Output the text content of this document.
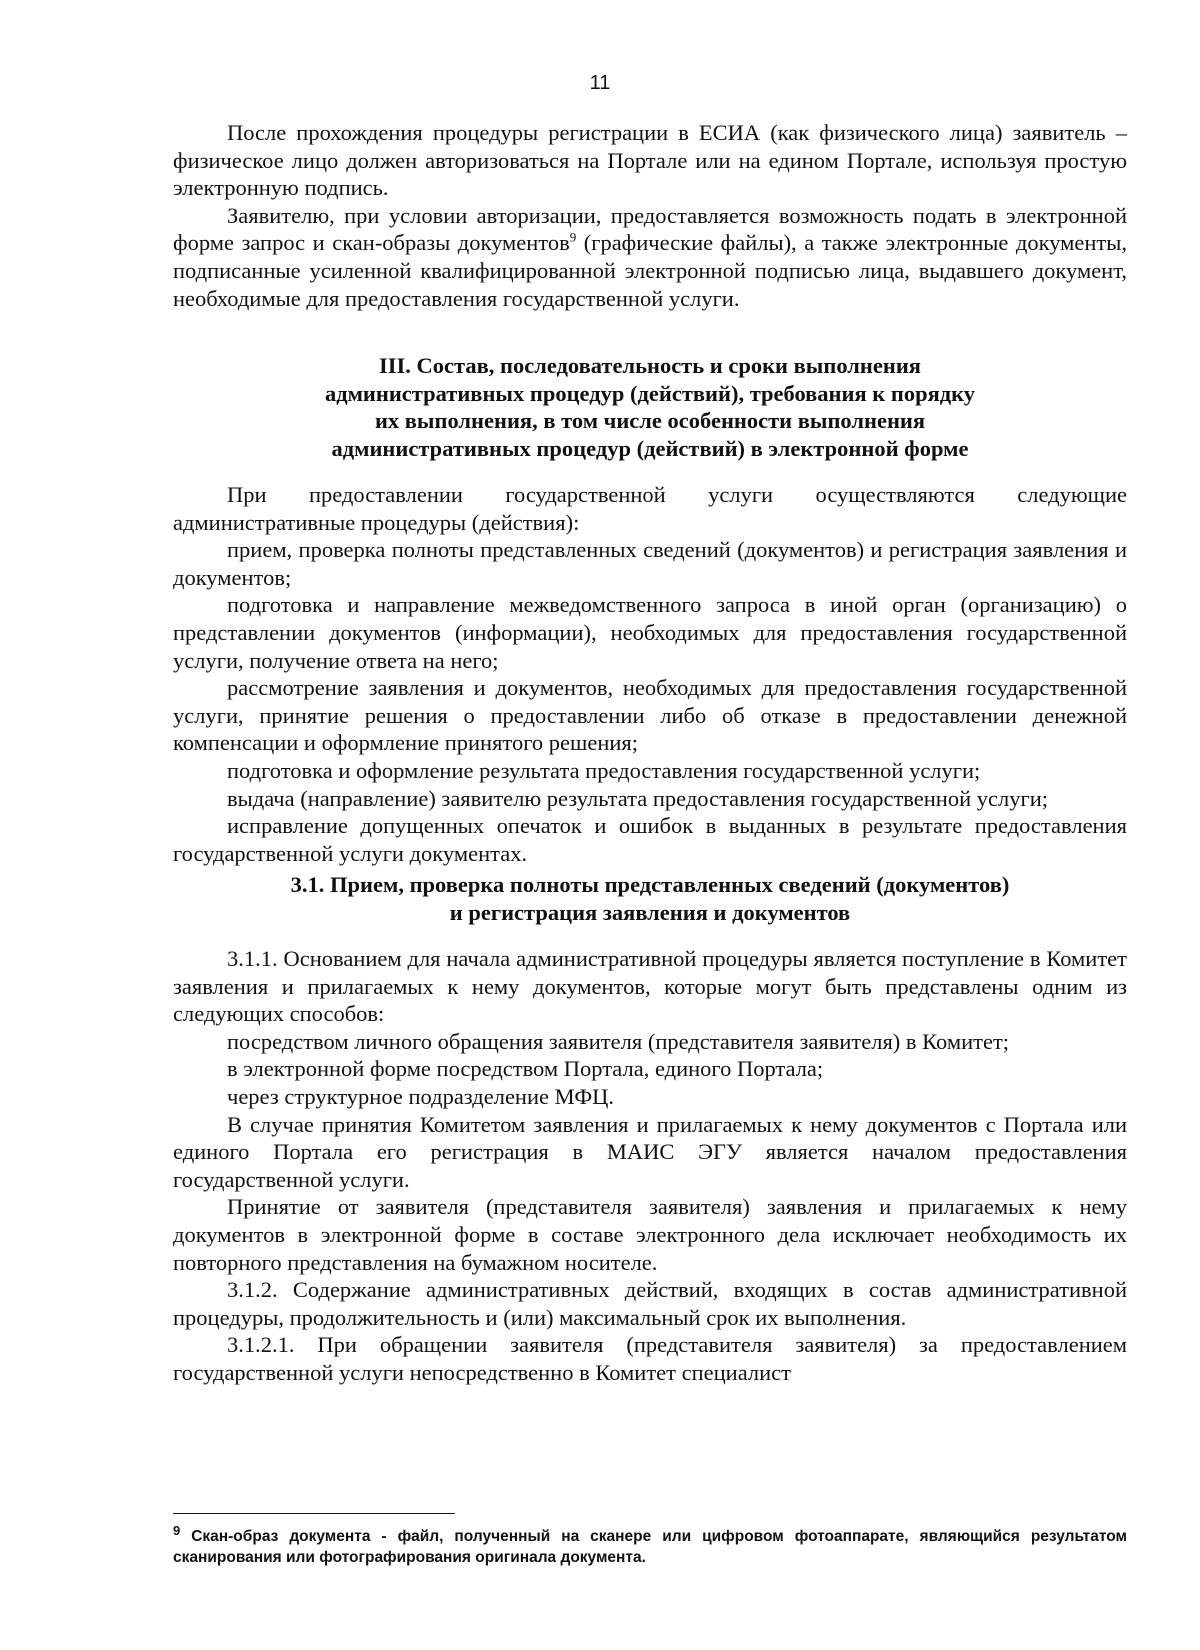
11

После прохождения процедуры регистрации в ЕСИА (как физического лица) заявитель – физическое лицо должен авторизоваться на Портале или на едином Портале, используя простую электронную подпись.

Заявителю, при условии авторизации, предоставляется возможность подать в электронной форме запрос и скан-образы документов$^9$ (графические файлы), а также электронные документы, подписанные усиленной квалифицированной электронной подписью лица, выдавшего документ, необходимые для предоставления государственной услуги.

III. Состав, последовательность и сроки выполнения
административных процедур (действий), требования к порядку
их выполнения, в том числе особенности выполнения
административных процедур (действий) в электронной форме

При предоставлении государственной услуги осуществляются следующие административные процедуры (действия):

прием, проверка полноты представленных сведений (документов) и регистрация заявления и документов;

подготовка и направление межведомственного запроса в иной орган (организацию) о представлении документов (информации), необходимых для предоставления государственной услуги, получение ответа на него;

рассмотрение заявления и документов, необходимых для предоставления государственной услуги, принятие решения о предоставлении либо об отказе в предоставлении денежной компенсации и оформление принятого решения;

подготовка и оформление результата предоставления государственной услуги;

выдача (направление) заявителю результата предоставления государственной услуги;

исправление допущенных опечаток и ошибок в выданных в результате предоставления государственной услуги документах.

3.1. Прием, проверка полноты представленных сведений (документов)
и регистрация заявления и документов

3.1.1. Основанием для начала административной процедуры является поступление в Комитет заявления и прилагаемых к нему документов, которые могут быть представлены одним из следующих способов:

посредством личного обращения заявителя (представителя заявителя) в Комитет;

в электронной форме посредством Портала, единого Портала;

через структурное подразделение МФЦ.

В случае принятия Комитетом заявления и прилагаемых к нему документов с Портала или единого Портала его регистрация в МАИС ЭГУ является началом предоставления государственной услуги.

Принятие от заявителя (представителя заявителя) заявления и прилагаемых к нему документов в электронной форме в составе электронного дела исключает необходимость их повторного представления на бумажном носителе.

3.1.2. Содержание административных действий, входящих в состав административной процедуры, продолжительность и (или) максимальный срок их выполнения.

3.1.2.1. При обращении заявителя (представителя заявителя) за предоставлением государственной услуги непосредственно в Комитет специалист

$^9$ Скан-образ документа - файл, полученный на сканере или цифровом фотоаппарате, являющийся результатом сканирования или фотографирования оригинала документа.
